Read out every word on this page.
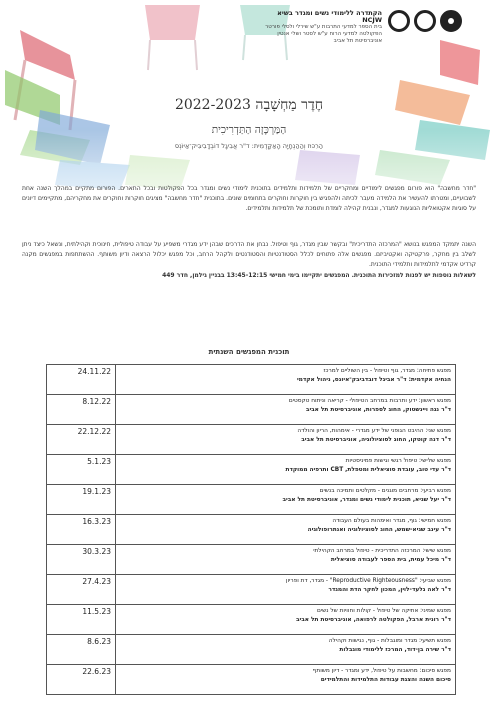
הקתדרה ללימודי נשים ומגדר בשיא NCJW
בית הספר למדעי התרבות ע"ש שירלי ולסלי פורטר
הפקולטה למדעי הרוח ע"ש לסטר ושלי אנטין
אוניברסיטת תל אביב
חֶדֶר מַחְשָׁבָה 2022-2023
הַמַּרְכָּזָה הַתַּדְרִיכִית
הַרִכּוּז וְהַהַנְחָיָה הָאַקָּדֶמִית: ד"ר אֲבִיגָל דוֹבְדָבִיבִּיק־אַיּוֹנְס
"חדר מחשבה" הוא פורום מפגשים לימודיים ומחקריים של תלמידות ותלמידים בתוכנית לימודי נשים ומגדר בכל הפקולטות ובכל התארים. הפורום מתקיים במהלך השנה אחת לשבועיים, ומטרתו להעשיר את הלמידה מעבר לכיתה ולהפגיש בין חוקרות וחוקרים בתחומים שונים. בתוכנית "חדר מחשבה" מציגים חוקרות וחוקרים את מחקריהם, מתקיימים דיונים על סוגיות אקטואליות הנוגעות למגדר, ונבנית קהילה לומדת ותומכת של תלמידות ותלמידים.
השנה יתמקד המפגש בנושא "המרכזה התדריכית" ובקשר שבין מגדר, גוף וטיפול. נבחן את הדרכים שבהן ידע מגדרי משפיע על עבודה טיפולית, חינוכית וקהילתית, ונשאל כיצד ניתן לשלב בין מחקר, פרקטיקה ואקטיביזם. מפגשים אלה פתוחים לכלל הסטודנטיות והסטודנטים ולקהל הרחב, וכל מפגש יכלול הרצאה ודיון משותף. ההשתתפות במפגשים מקנה קרדיט אקדמי לתלמידות ותלמידי התוכנית.
לשאלות נוספות יש לפנות למזכירות התוכנית. המפגשים יתקיימו בימי חמישי 13:45-12:15 בבניין גילמן, חדר 449
תוכנית המפגשים השנתית
מפגש פתיחה: מגדר, גוף וטיפול - בין השוליים למרכז
הנחיה אקדמית: ד"ר אביגל דובדביבק־איונס, ניהול אקדמי	24.11.22

מפגש ראשון: ידע ותרבות במרחב הטיפולי - קריאה וניתוח טקסטים
ד"ר נגה ויינשטוק, החוג לספרות, אוניברסיטת תל אביב	8.12.22

מפגש שני: ההיבט הגופני של ידע מגדרי - אימהות, הריון והולדה
ד"ר דנה קוטקו, החוג לסוציולוגיה, אוניברסיטת תל אביב	22.12.22

מפגש שלישי: טיפול רגשי וגישות פמיניסטיות
ד"ר עדי טוב, עובדת סוציאלית ומטפלת, CBT ותרפיה ממוקדת	5.1.23

מפגש רביעי: מרחבים מוגנים - מקלטים ותמיכה בנשים
ד"ר יעל שגיא, תוכנית לימודי נשים ומגדר, אוניברסיטת תל אביב	19.1.23

מפגש חמישי: גוף, מגדר ואימהות בעולם העבודה
ד"ר עינב שגיא-שמש, החוג לסוציולוגיה ואנתרופולוגיה	16.3.23

מפגש שישי: המרכזה התדריכית - טיפול במרחב הקהילתי
ד"ר מיכל עמית, בית הספר לעבודה סוציאלית	30.3.23

מפגש שביעי: "Reproductive Righteousness" - מגדר, דת ופריון
ד"ר לאה גלעד-לוין, המכון לחקר הדת והמגדר	27.4.23

מפגש שמיני: אתיקה של טיפול - קולות וחוויות של נשים
ד"ר רונית ארבל, הפקולטה לרפואה, אוניברסיטת תל אביב	11.5.23

מפגש תשיעי: מגדר ומוגבלות - גוף, נגישות וקהילה
ד"ר שירה בן-דוד, המרכז ללימודי מוגבלות	8.6.23

מפגש סיכום: מחשבות על טיפול, ידע ומגדר - דיון משותף
סיכום השנה והצגת עבודות התלמידות והתלמידים	22.6.23
